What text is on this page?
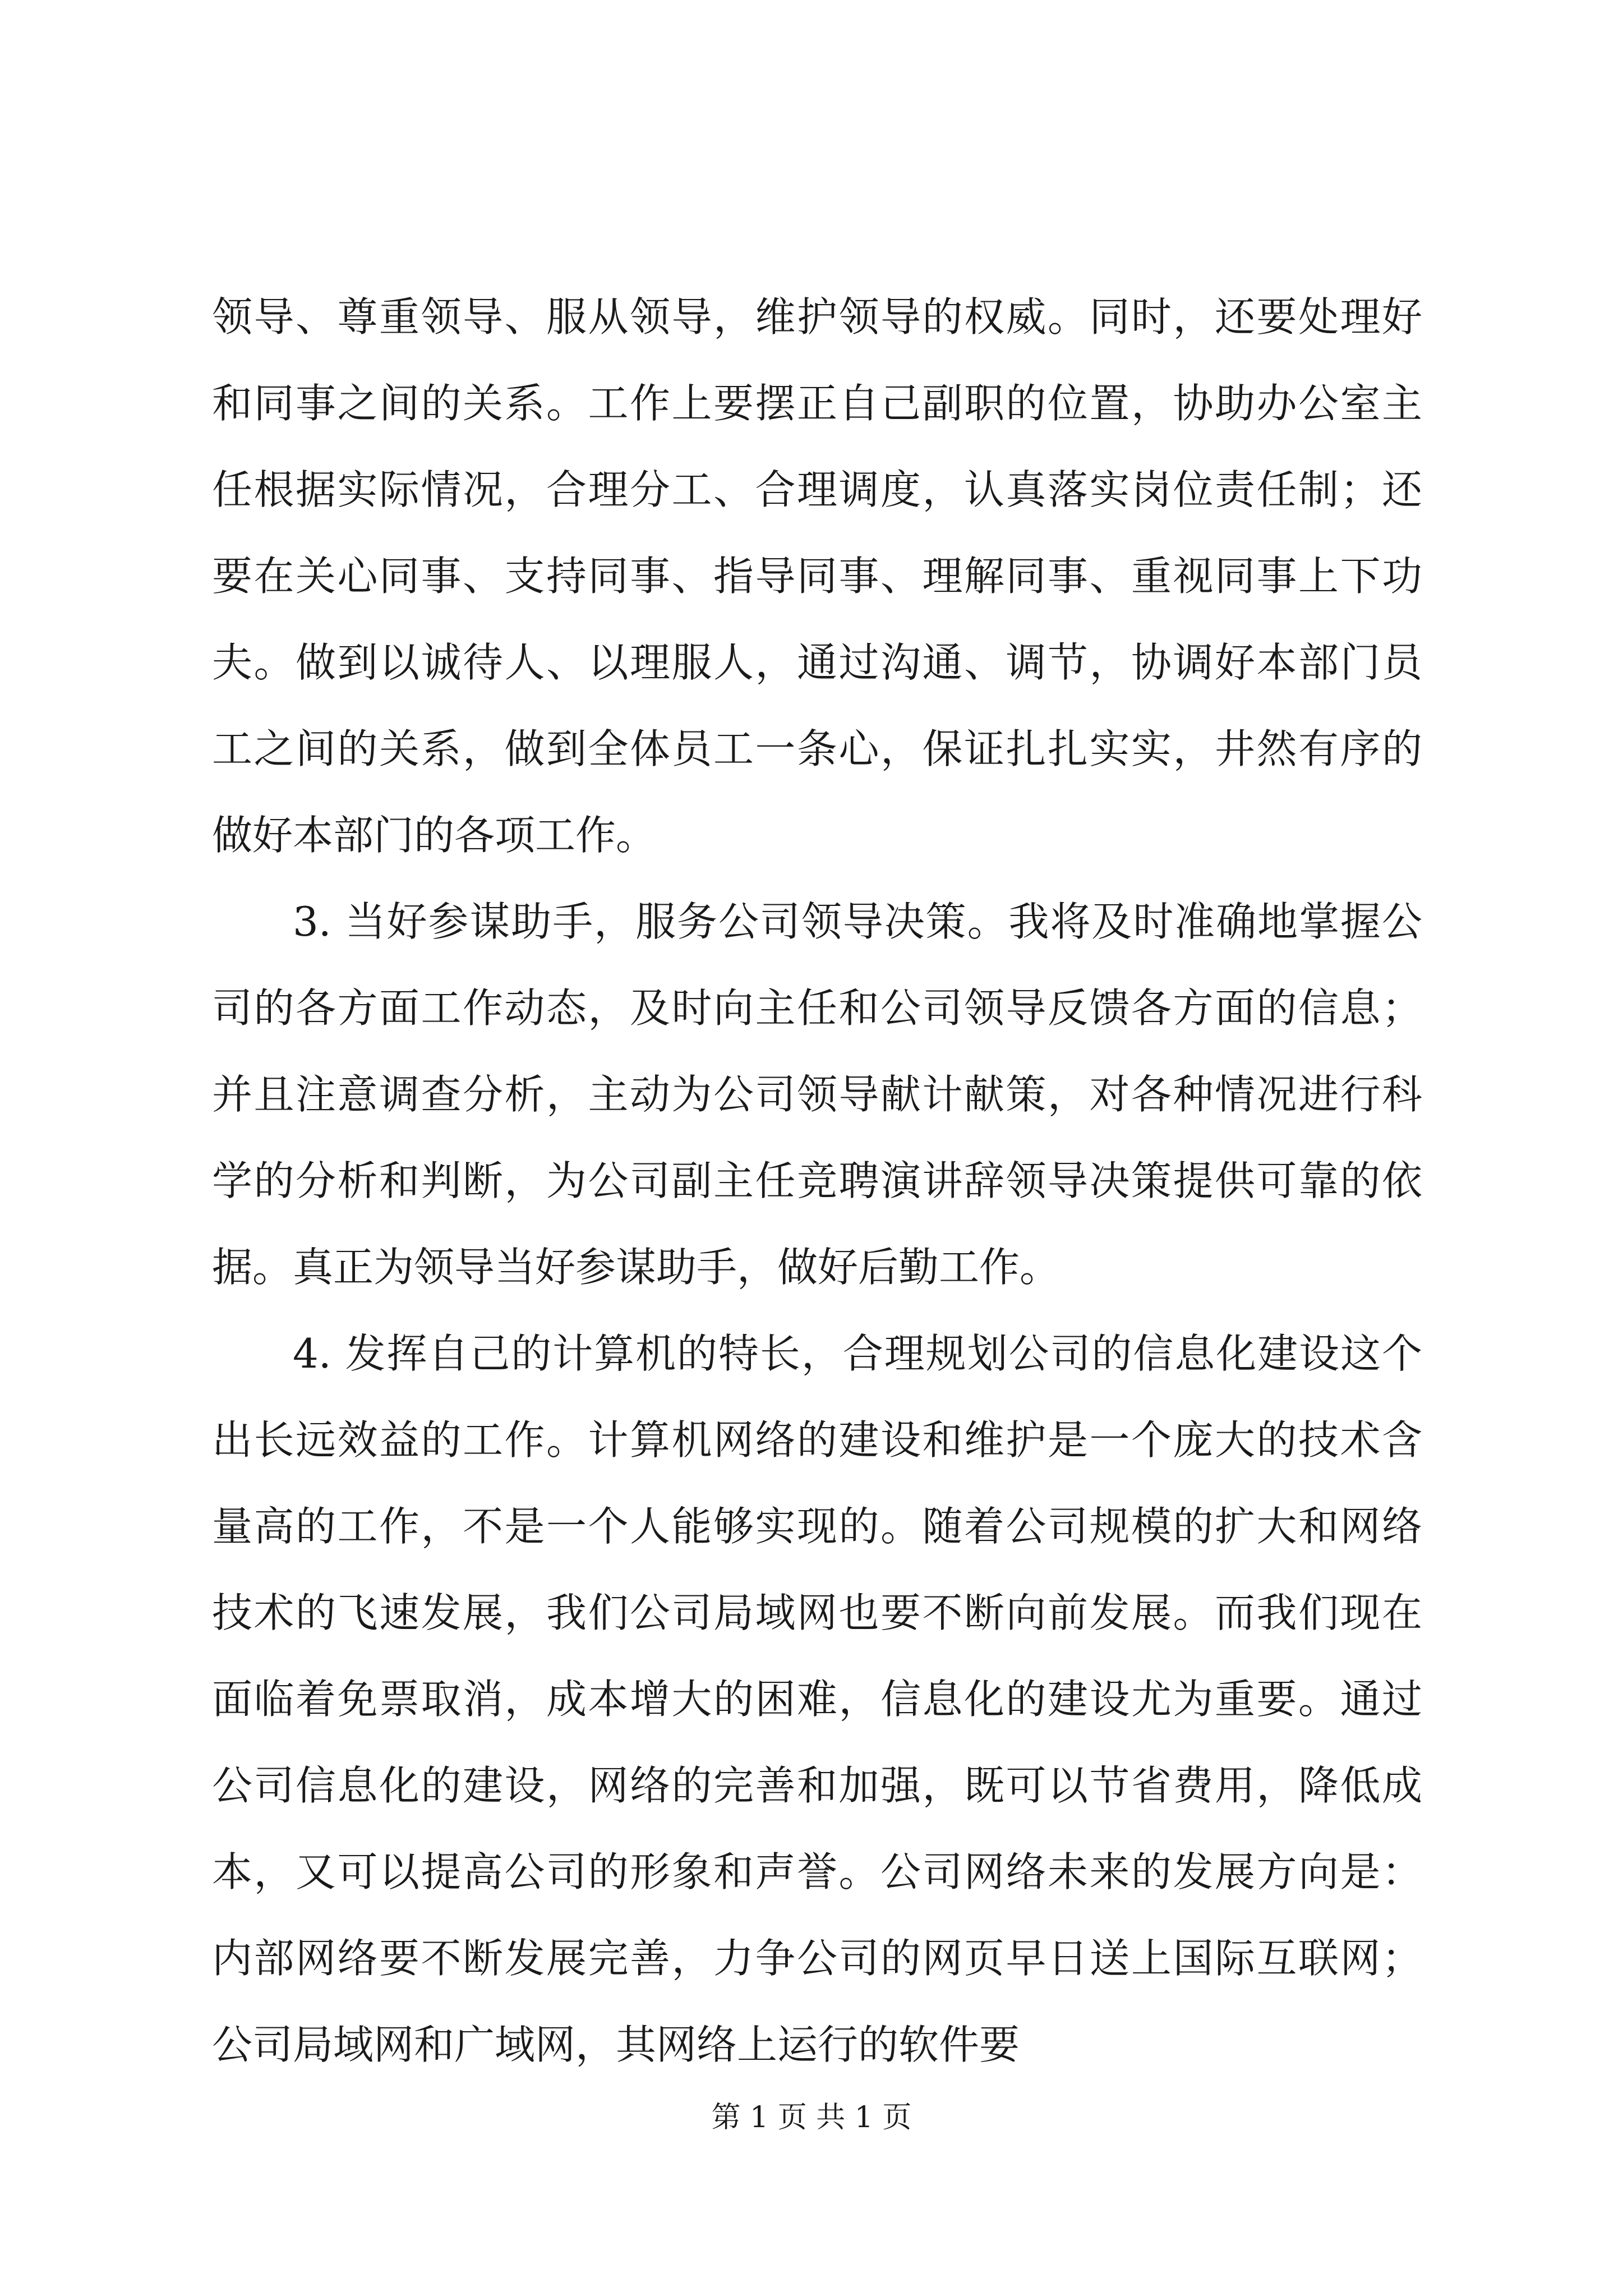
领导、尊重领导、服从领导，维护领导的权威。同时，还要处理好和同事之间的关系。工作上要摆正自己副职的位置，协助办公室主任根据实际情况，合理分工、合理调度，认真落实岗位责任制；还要在关心同事、支持同事、指导同事、理解同事、重视同事上下功夫。做到以诚待人、以理服人，通过沟通、调节，协调好本部门员工之间的关系，做到全体员工一条心，保证扎扎实实，井然有序的做好本部门的各项工作。

3. 当好参谋助手，服务公司领导决策。我将及时准确地掌握公司的各方面工作动态，及时向主任和公司领导反馈各方面的信息；并且注意调查分析，主动为公司领导献计献策，对各种情况进行科学的分析和判断，为公司副主任竞聘演讲辞领导决策提供可靠的依据。真正为领导当好参谋助手，做好后勤工作。

4. 发挥自己的计算机的特长，合理规划公司的信息化建设这个出长远效益的工作。计算机网络的建设和维护是一个庞大的技术含量高的工作，不是一个人能够实现的。随着公司规模的扩大和网络技术的飞速发展，我们公司局域网也要不断向前发展。而我们现在面临着免票取消，成本增大的困难，信息化的建设尤为重要。通过公司信息化的建设，网络的完善和加强，既可以节省费用，降低成本，又可以提高公司的形象和声誉。公司网络未来的发展方向是：内部网络要不断发展完善，力争公司的网页早日送上国际互联网；公司局域网和广域网，其网络上运行的软件要

第 1 页 共 1 页
